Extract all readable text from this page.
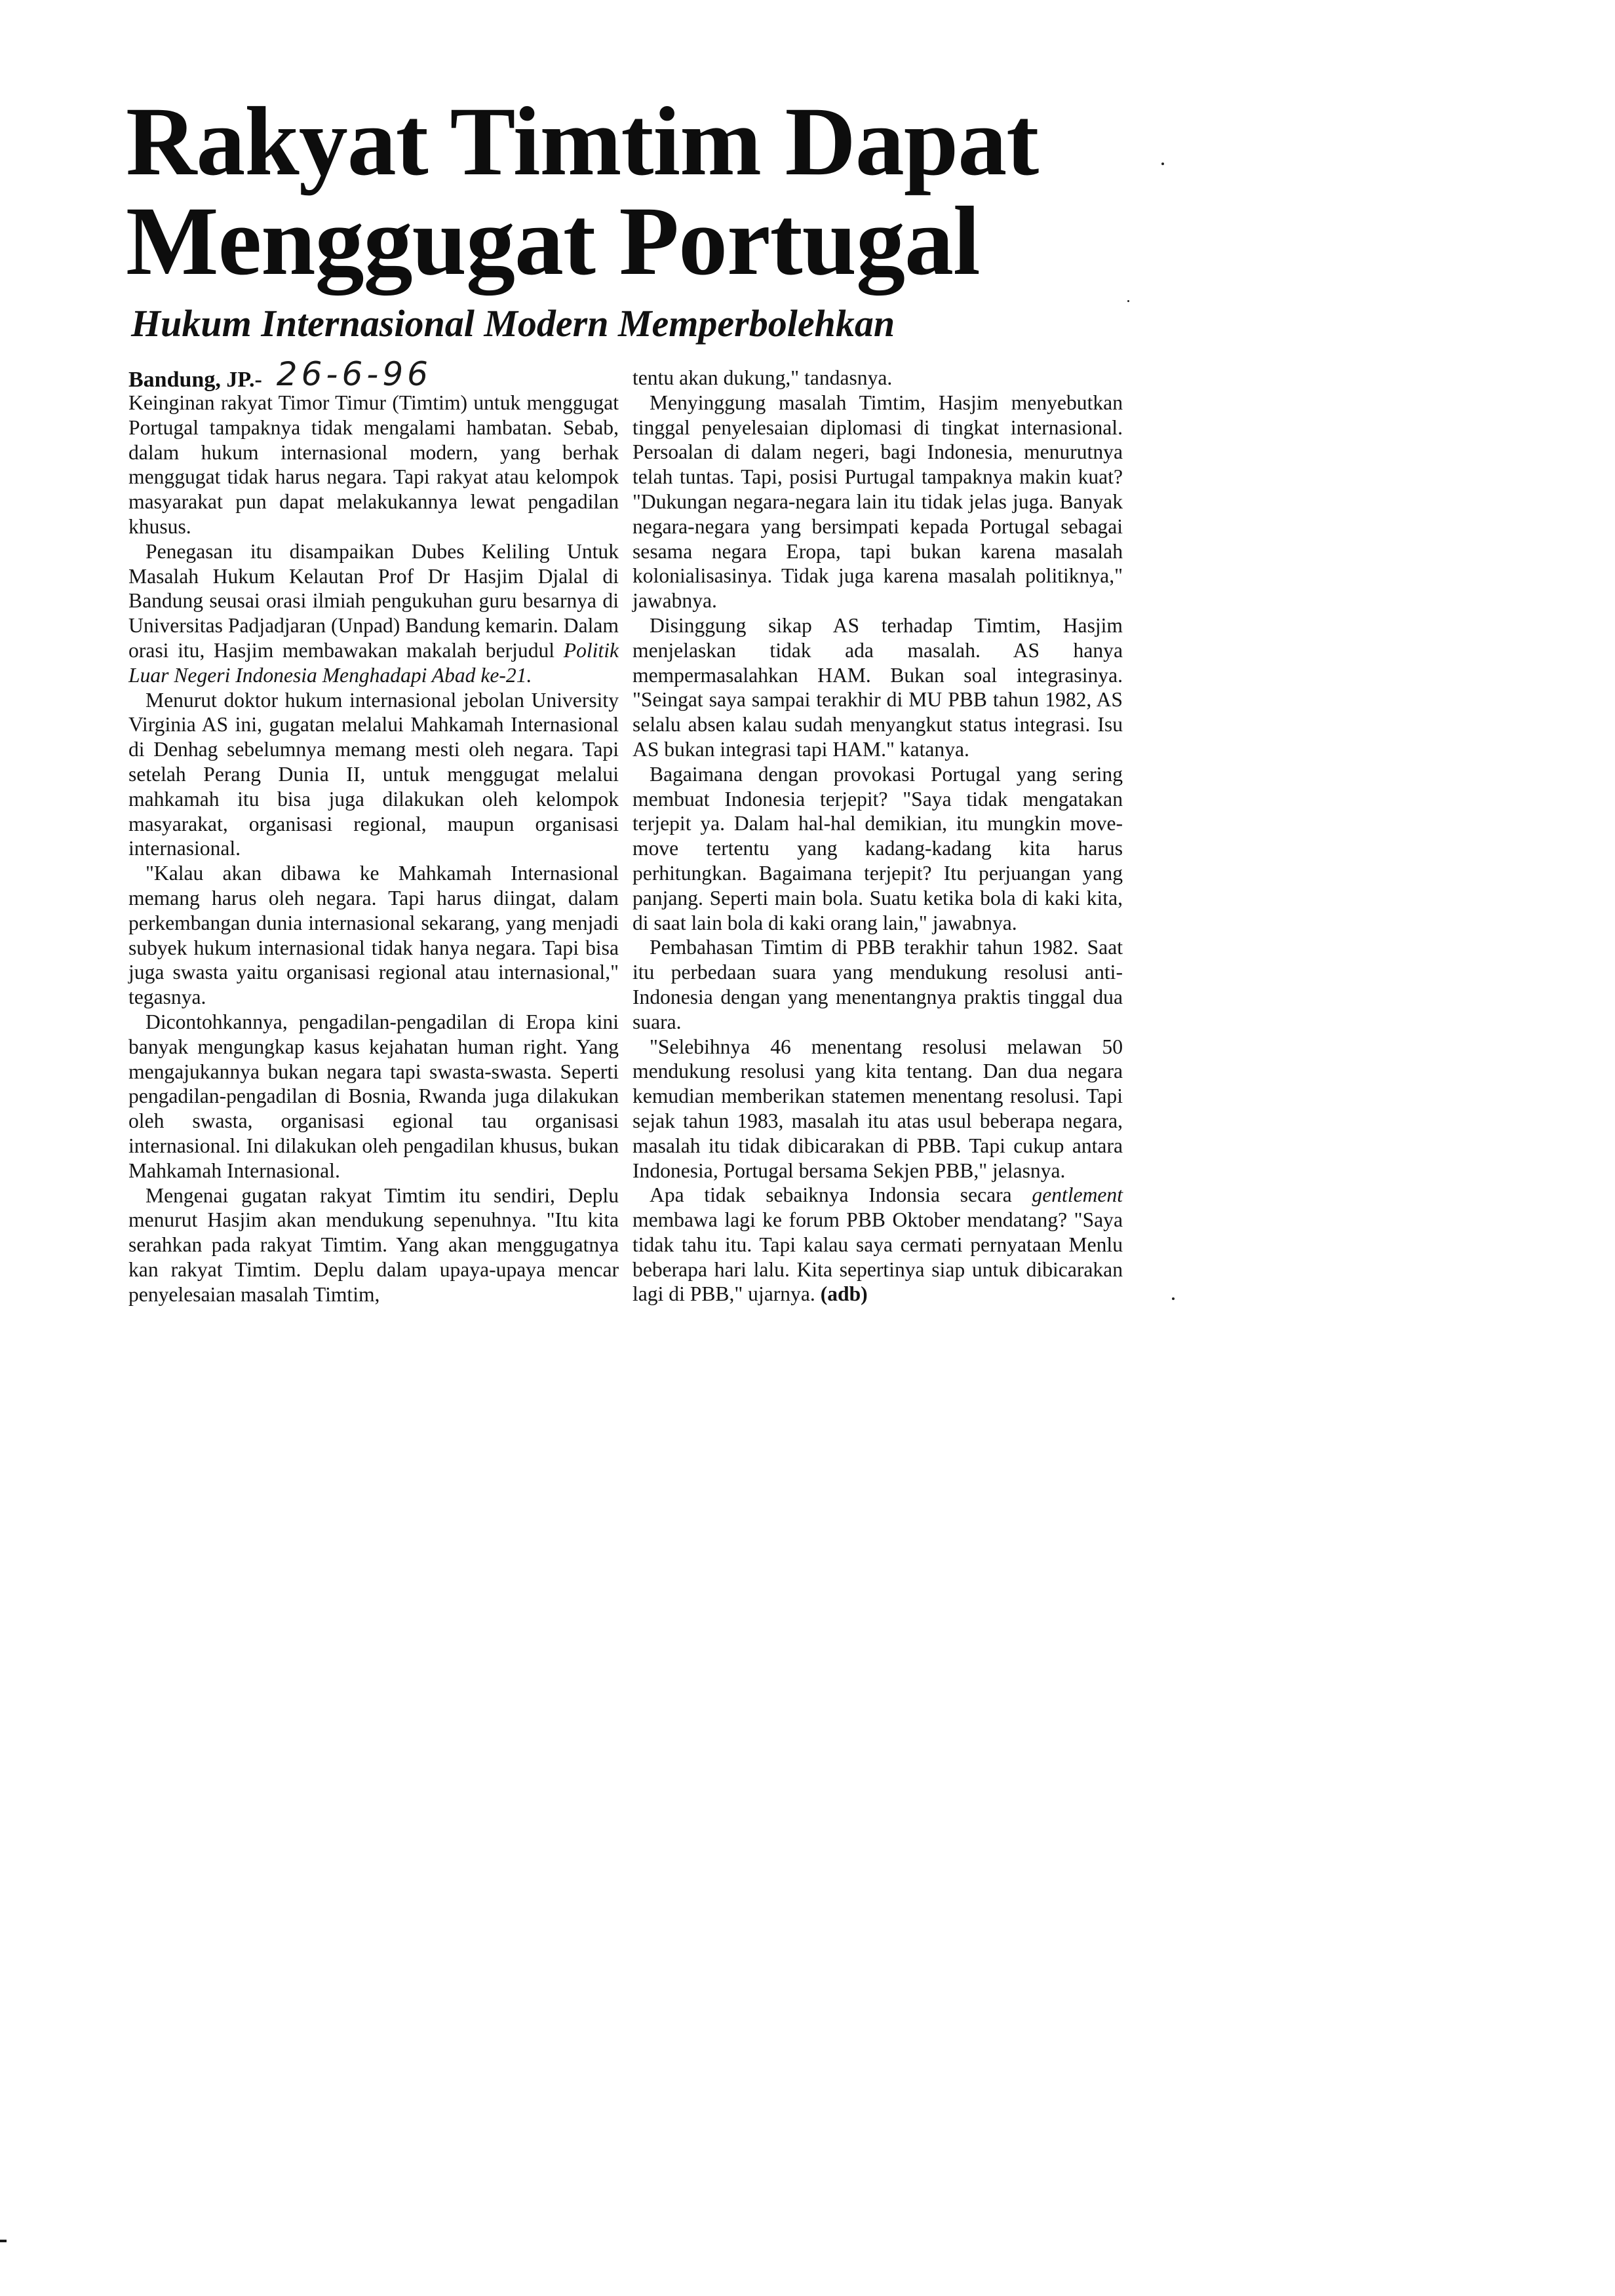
Rakyat Timtim Dapat
Menggugat Portugal
Hukum Internasional Modern Memperbolehkan
Bandung, JP.- 26-6-96

Keinginan rakyat Timor Timur (Timtim) untuk menggugat Portugal tampaknya tidak mengalami hambatan. Sebab, dalam hukum internasional modern, yang berhak menggugat tidak harus negara. Tapi rakyat atau kelompok masyarakat pun dapat melakukannya lewat pengadilan khusus.

Penegasan itu disampaikan Dubes Keliling Untuk Masalah Hukum Kelautan Prof Dr Hasjim Djalal di Bandung seusai orasi ilmiah pengukuhan guru besarnya di Universitas Padjadjaran (Unpad) Bandung kemarin. Dalam orasi itu, Hasjim membawakan makalah berjudul Politik Luar Negeri Indonesia Menghadapi Abad ke-21.

Menurut doktor hukum internasional jebolan University Virginia AS ini, gugatan melalui Mahkamah Internasional di Denhag sebelumnya memang mesti oleh negara. Tapi setelah Perang Dunia II, untuk menggugat melalui mahkamah itu bisa juga dilakukan oleh kelompok masyarakat, organisasi regional, maupun organisasi internasional.

"Kalau akan dibawa ke Mahkamah Internasional memang harus oleh negara. Tapi harus diingat, dalam perkembangan dunia internasional sekarang, yang menjadi subyek hukum internasional tidak hanya negara. Tapi bisa juga swasta yaitu organisasi regional atau internasional," tegasnya.

Dicontohkannya, pengadilan-pengadilan di Eropa kini banyak mengungkap kasus kejahatan human right. Yang mengajukannya bukan negara tapi swasta-swasta. Seperti pengadilan-pengadilan di Bosnia, Rwanda juga dilakukan oleh swasta, organisasi egional tau organisasi internasional. Ini dilakukan oleh pengadilan khusus, bukan Mahkamah Internasional.

Mengenai gugatan rakyat Timtim itu sendiri, Deplu menurut Hasjim akan mendukung sepenuhnya. "Itu kita serahkan pada rakyat Timtim. Yang akan menggugatnya kan rakyat Timtim. Deplu dalam upaya-upaya mencar penyelesaian masalah Timtim,

tentu akan dukung," tandasnya.

Menyinggung masalah Timtim, Hasjim menyebutkan tinggal penyelesaian diplomasi di tingkat internasional. Persoalan di dalam negeri, bagi Indonesia, menurutnya telah tuntas. Tapi, posisi Purtugal tampaknya makin kuat? "Dukungan negara-negara lain itu tidak jelas juga. Banyak negara-negara yang bersimpati kepada Portugal sebagai sesama negara Eropa, tapi bukan karena masalah kolonialisasinya. Tidak juga karena masalah politiknya," jawabnya.

Disinggung sikap AS terhadap Timtim, Hasjim menjelaskan tidak ada masalah. AS hanya mempermasalahkan HAM. Bukan soal integrasinya. "Seingat saya sampai terakhir di MU PBB tahun 1982, AS selalu absen kalau sudah menyangkut status integrasi. Isu AS bukan integrasi tapi HAM." katanya.

Bagaimana dengan provokasi Portugal yang sering membuat Indonesia terjepit? "Saya tidak mengatakan terjepit ya. Dalam hal-hal demikian, itu mungkin move-move tertentu yang kadang-kadang kita harus perhitungkan. Bagaimana terjepit? Itu perjuangan yang panjang. Seperti main bola. Suatu ketika bola di kaki kita, di saat lain bola di kaki orang lain," jawabnya.

Pembahasan Timtim di PBB terakhir tahun 1982. Saat itu perbedaan suara yang mendukung resolusi anti-Indonesia dengan yang menentangnya praktis tinggal dua suara.

"Selebihnya 46 menentang resolusi melawan 50 mendukung resolusi yang kita tentang. Dan dua negara kemudian memberikan statemen menentang resolusi. Tapi sejak tahun 1983, masalah itu atas usul beberapa negara, masalah itu tidak dibicarakan di PBB. Tapi cukup antara Indonesia, Portugal bersama Sekjen PBB," jelasnya.

Apa tidak sebaiknya Indonsia secara gentlement membawa lagi ke forum PBB Oktober mendatang? "Saya tidak tahu itu. Tapi kalau saya cermati pernyataan Menlu beberapa hari lalu. Kita sepertinya siap untuk dibicarakan lagi di PBB," ujarnya. (adb)
